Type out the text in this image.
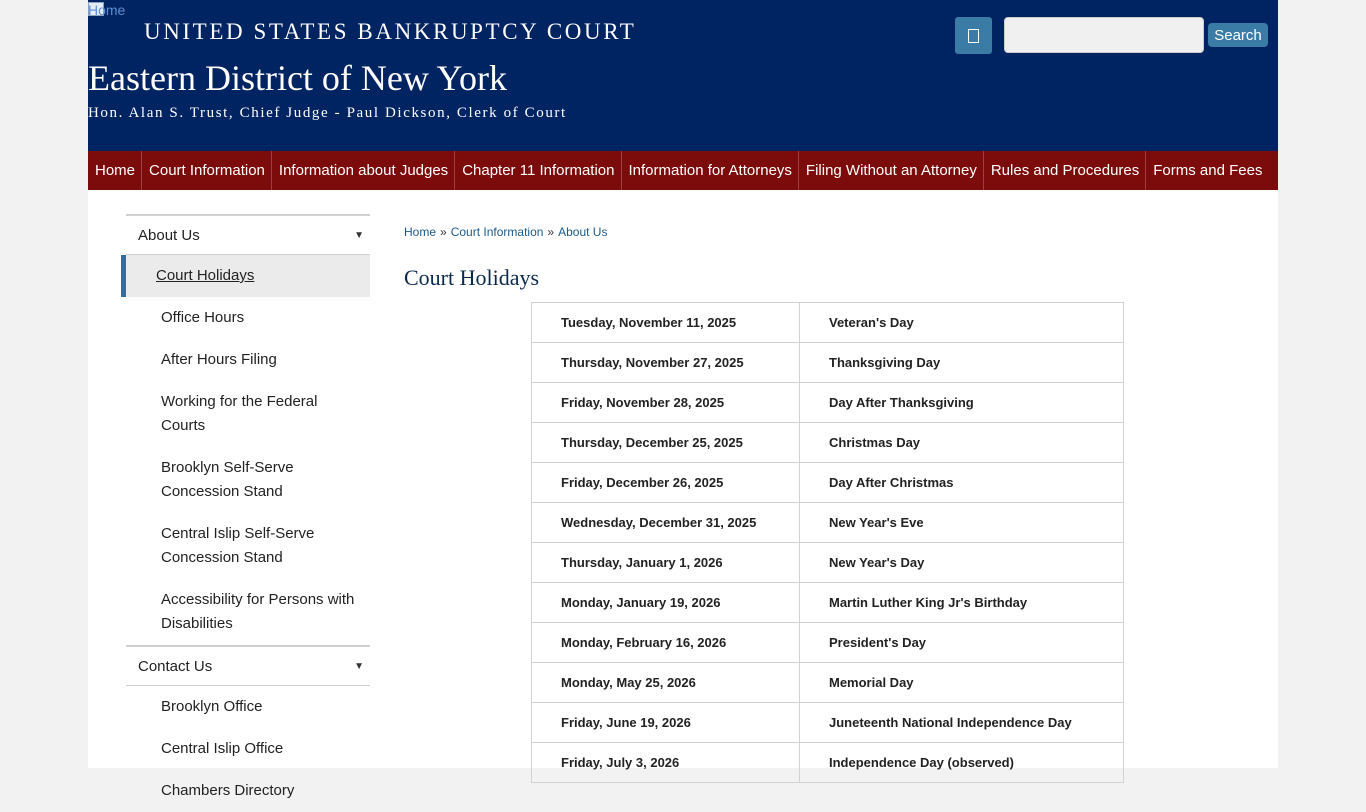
Home
UNITED STATES BANKRUPTCY COURT
Eastern District of New York
Hon. Alan S. Trust, Chief Judge - Paul Dickson, Clerk of Court
Search
Home Court Information Information about Judges Chapter 11 Information Information for Attorneys Filing Without an Attorney Rules and Procedures Forms and Fees
About Us	▼
Court Holidays
Office Hours
After Hours Filing
Working for the Federal Courts
Brooklyn Self-Serve Concession Stand
Central Islip Self-Serve Concession Stand
Accessibility for Persons with Disabilities
Contact Us	▼
Brooklyn Office
Central Islip Office
Chambers Directory
Home » Court Information » About Us
Court Holidays
Tuesday, November 11, 2025	Veteran's Day
Thursday, November 27, 2025	Thanksgiving Day
Friday, November 28, 2025	Day After Thanksgiving
Thursday, December 25, 2025	Christmas Day
Friday, December 26, 2025	Day After Christmas
Wednesday, December 31, 2025	New Year's Eve
Thursday, January 1, 2026	New Year's Day
Monday, January 19, 2026	Martin Luther King Jr's Birthday
Monday, February 16, 2026	President's Day
Monday, May 25, 2026	Memorial Day
Friday, June 19, 2026	Juneteenth National Independence Day
Friday, July 3, 2026	Independence Day (observed)
